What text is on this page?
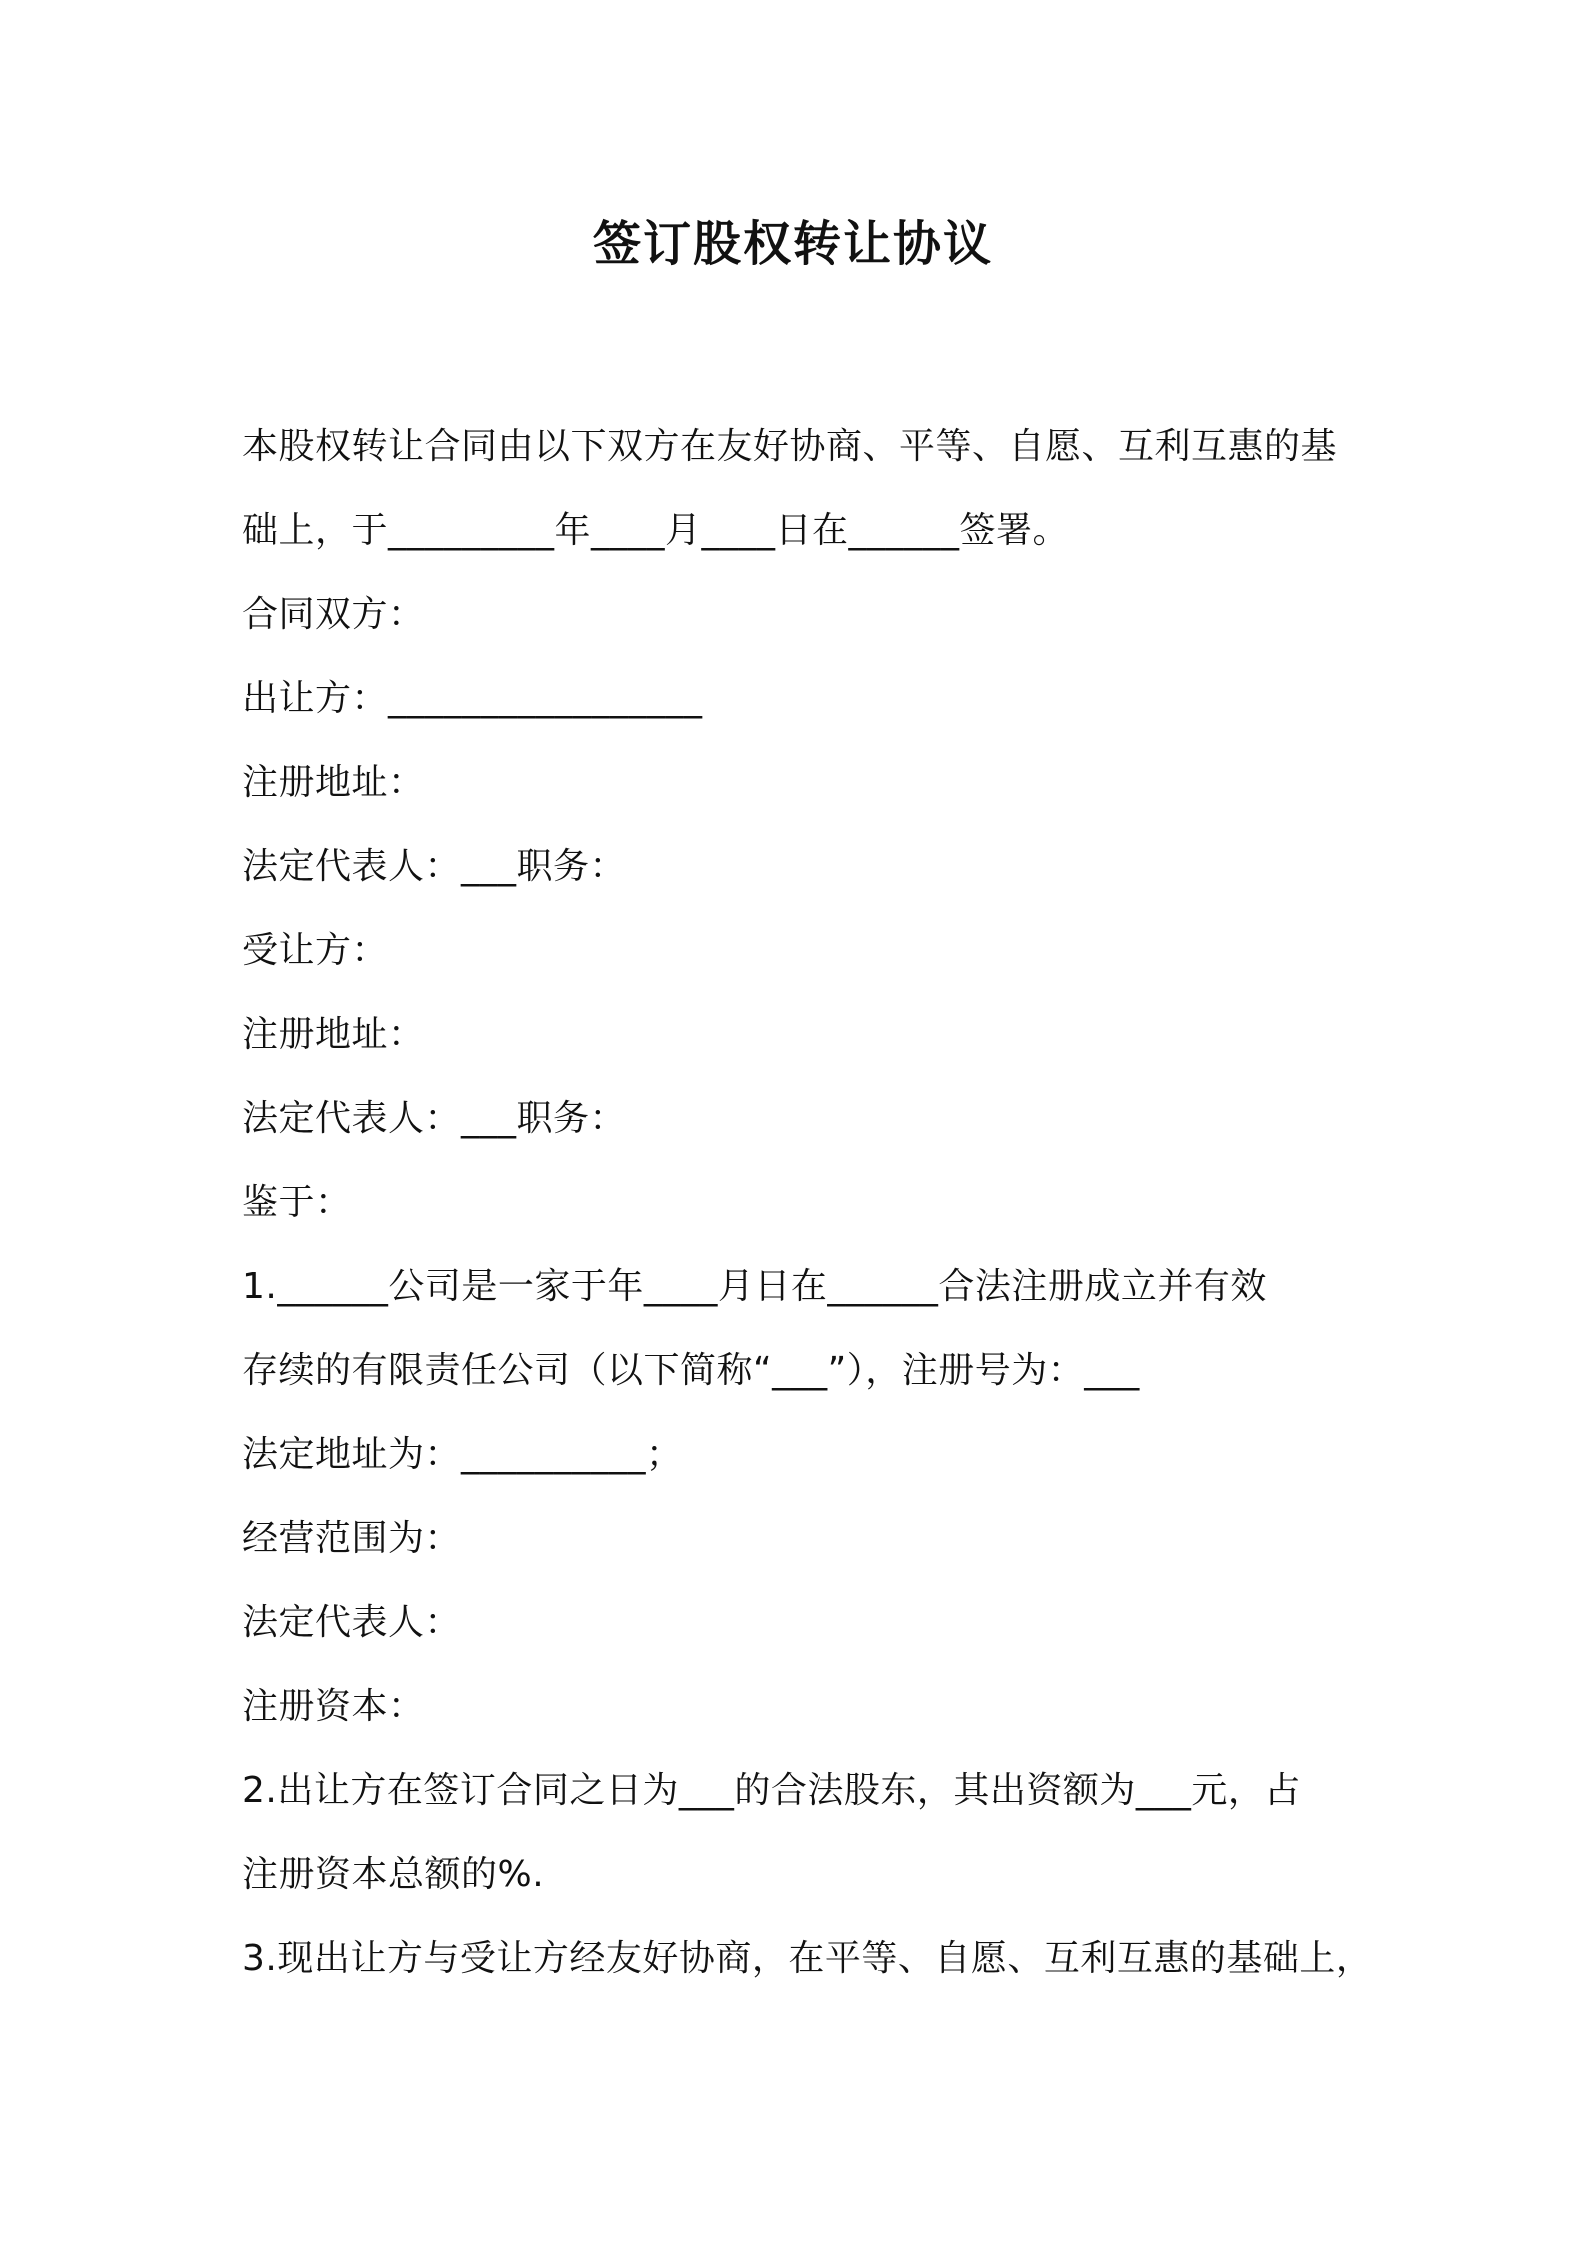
签订股权转让协议
本股权转让合同由以下双方在友好协商、平等、自愿、互利互惠的基
础上，于_________年____月____日在______签署。
合同双方：
出让方：_________________
注册地址：
法定代表人：___职务：
受让方：
注册地址：
法定代表人：___职务：
鉴于：
1.______公司是一家于年____月日在______合法注册成立并有效
存续的有限责任公司（以下简称“___”），注册号为：___
法定地址为：__________；
经营范围为：
法定代表人：
注册资本：
2.出让方在签订合同之日为___的合法股东，其出资额为___元，占
注册资本总额的%.
3.现出让方与受让方经友好协商，在平等、自愿、互利互惠的基础上，
